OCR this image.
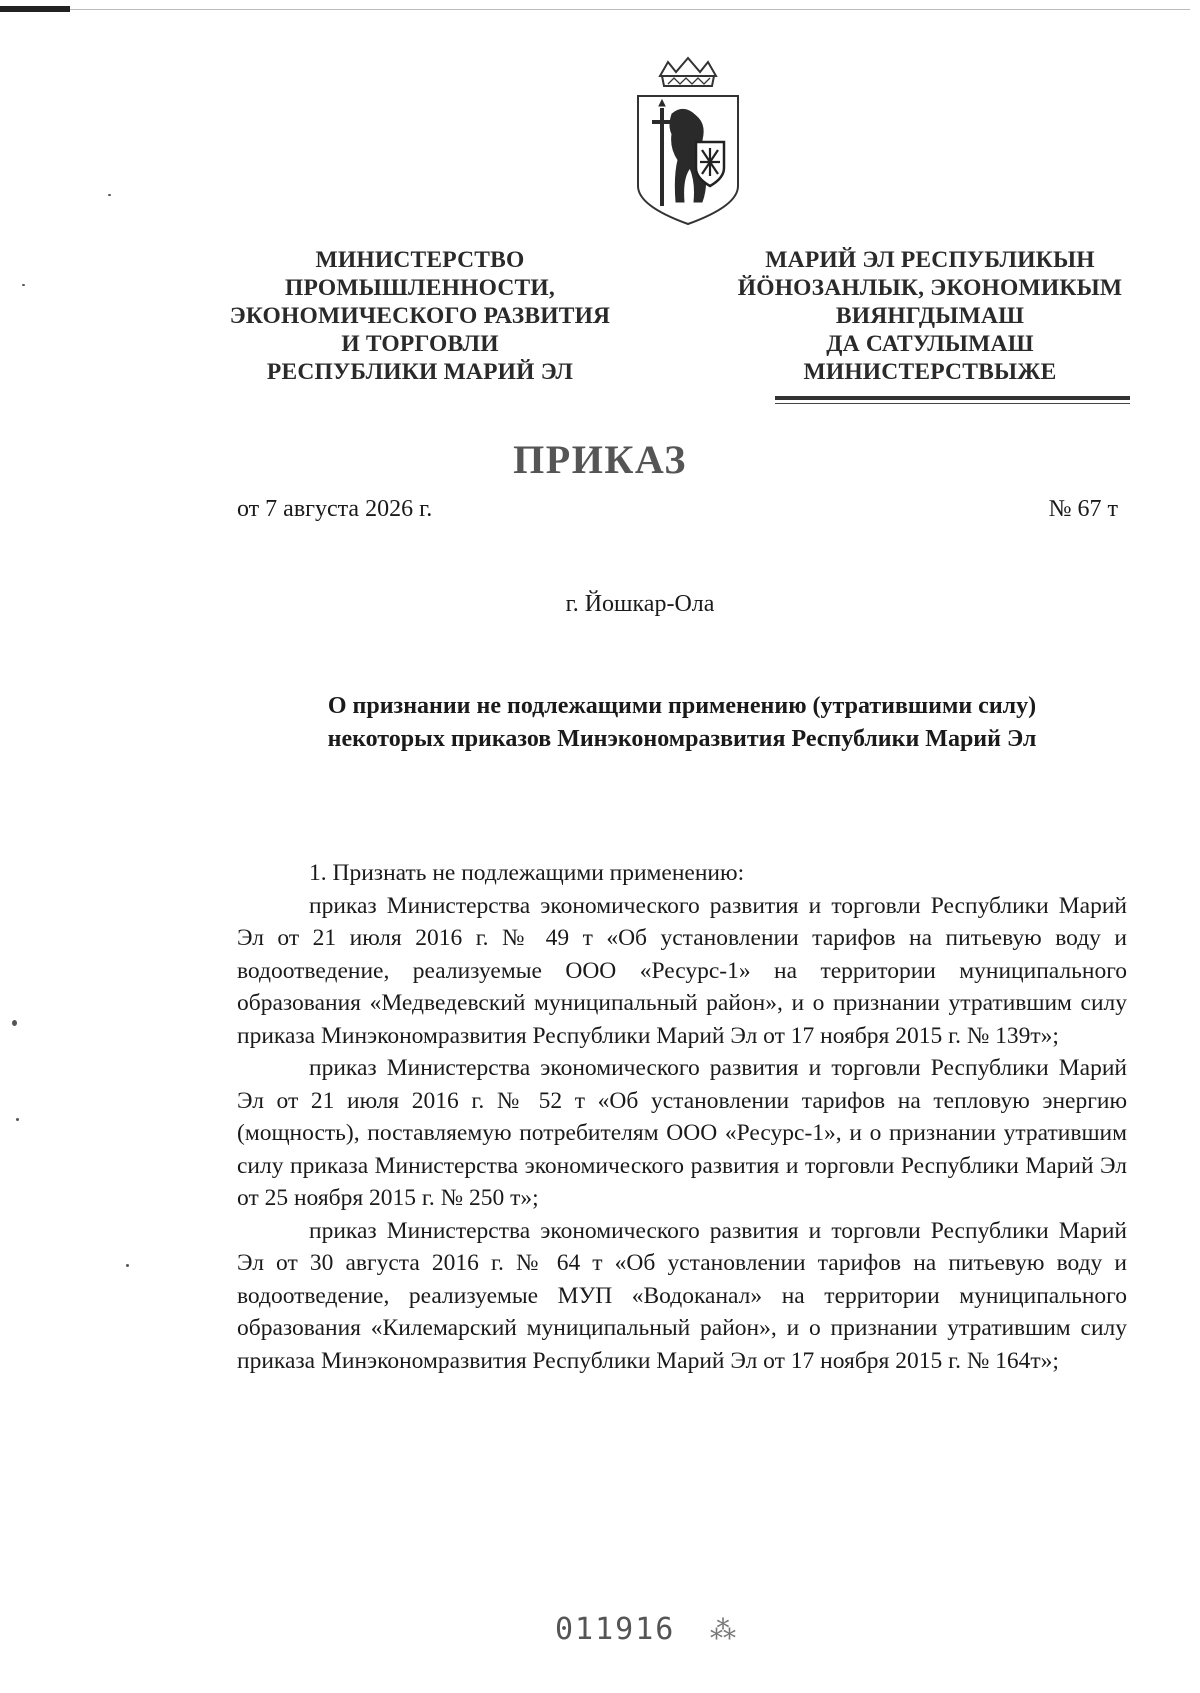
МИНИСТЕРСТВО
ПРОМЫШЛЕННОСТИ,
ЭКОНОМИЧЕСКОГО РАЗВИТИЯ
И ТОРГОВЛИ
РЕСПУБЛИКИ МАРИЙ ЭЛ
МАРИЙ ЭЛ РЕСПУБЛИКЫН
ЙÖНОЗАНЛЫК, ЭКОНОМИКЫМ
ВИЯНГДЫМАШ
ДА САТУЛЫМАШ
МИНИСТЕРСТВЫЖЕ
ПРИКАЗ
от 7 августа 2026 г.	№ 67 т
г. Йошкар-Ола
О признании не подлежащими применению (утратившими силу)
некоторых приказов Минэкономразвития Республики Марий Эл

1. Признать не подлежащими применению:

приказ Министерства экономического развития и торговли Республики Марий Эл от 21 июля 2016 г. № 49 т «Об установлении тарифов на питьевую воду и водоотведение, реализуемые ООО «Ресурс-1» на территории муниципального образования «Медведевский муниципальный район», и о признании утратившим силу приказа Минэкономразвития Республики Марий Эл от 17 ноября 2015 г. № 139т»;

приказ Министерства экономического развития и торговли Республики Марий Эл от 21 июля 2016 г. № 52 т «Об установлении тарифов на тепловую энергию (мощность), поставляемую потребителям ООО «Ресурс-1», и о признании утратившим силу приказа Министерства экономического развития и торговли Республики Марий Эл от 25 ноября 2015 г. № 250 т»;

приказ Министерства экономического развития и торговли Республики Марий Эл от 30 августа 2016 г. № 64 т «Об установлении тарифов на питьевую воду и водоотведение, реализуемые МУП «Водоканал» на территории муниципального образования «Килемарский муниципальный район», и о признании утратившим силу приказа Минэкономразвития Республики Марий Эл от 17 ноября 2015 г. № 164т»;

011916 ⁂
